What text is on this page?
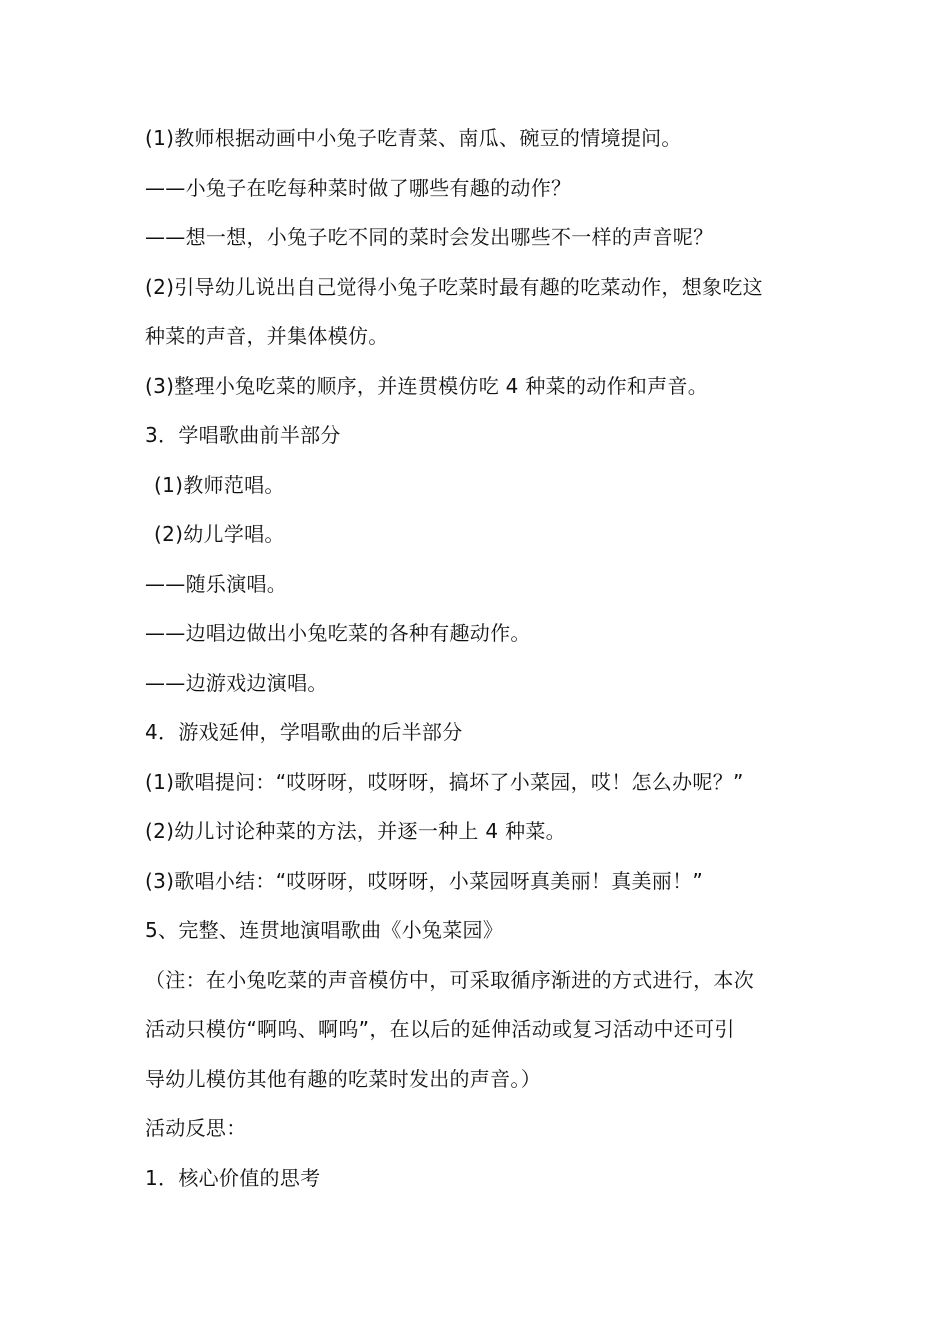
(1)教师根据动画中小兔子吃青菜、南瓜、碗豆的情境提问。
——小兔子在吃每种菜时做了哪些有趣的动作？
——想一想，小兔子吃不同的菜时会发出哪些不一样的声音呢？
(2)引导幼儿说出自己觉得小兔子吃菜时最有趣的吃菜动作，想象吃这
种菜的声音，并集体模仿。
(3)整理小兔吃菜的顺序，并连贯模仿吃 4 种菜的动作和声音。
3．学唱歌曲前半部分
(1)教师范唱。
(2)幼儿学唱。
——随乐演唱。
——边唱边做出小兔吃菜的各种有趣动作。
——边游戏边演唱。
4．游戏延伸，学唱歌曲的后半部分
(1)歌唱提问：“哎呀呀，哎呀呀，搞坏了小菜园，哎！怎么办呢？”
(2)幼儿讨论种菜的方法，并逐一种上 4 种菜。
(3)歌唱小结：“哎呀呀，哎呀呀，小菜园呀真美丽！真美丽！”
5、完整、连贯地演唱歌曲《小兔菜园》
（注：在小兔吃菜的声音模仿中，可采取循序渐进的方式进行，本次
活动只模仿“啊呜、啊呜”，在以后的延伸活动或复习活动中还可引
导幼儿模仿其他有趣的吃菜时发出的声音。）
活动反思：
1．核心价值的思考
